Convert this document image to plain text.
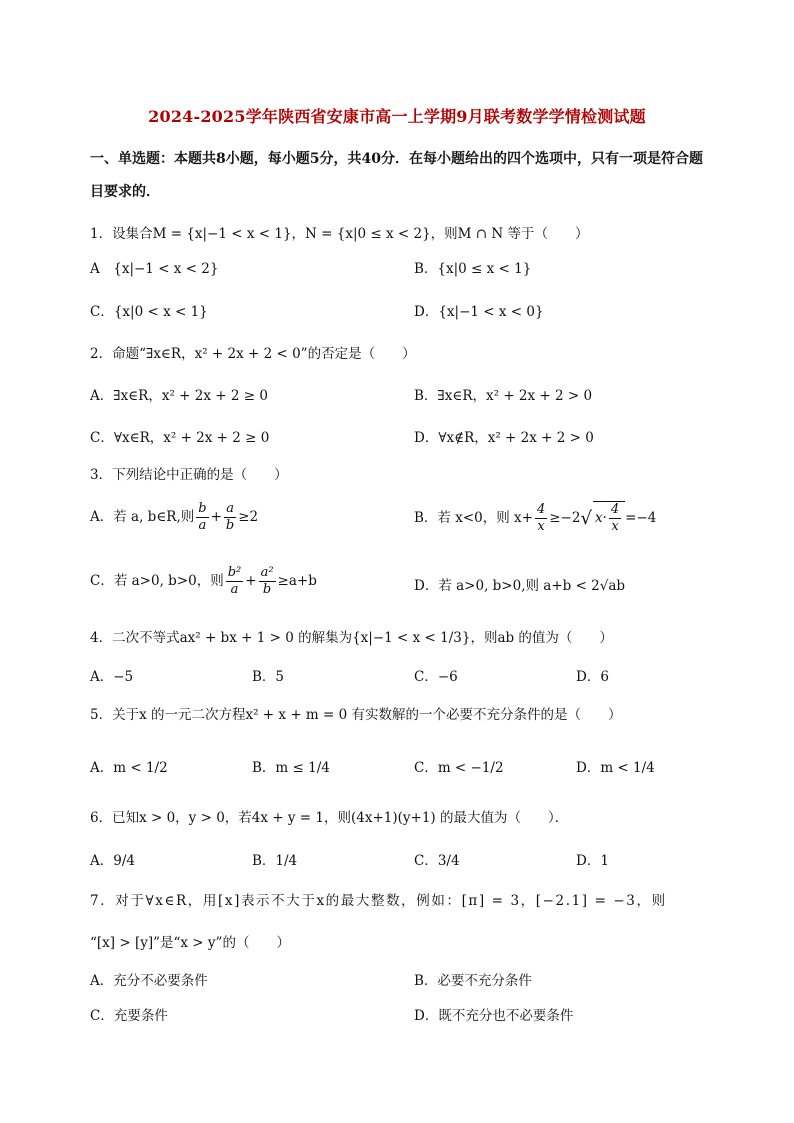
2024-2025学年陕西省安康市高一上学期9月联考数学学情检测试题
一、单选题：本题共8小题，每小题5分，共40分．在每小题给出的四个选项中，只有一项是符合题目要求的．
1．设集合M = {x|−1 < x < 1}，N = {x|0 ≤ x < 2}，则M ∩ N 等于（　　）
A　{x|−1 < x < 2}	B．{x|0 ≤ x < 1}
C．{x|0 < x < 1}	D．{x|−1 < x < 0}
2．命题“∃x∈R，x² + 2x + 2 < 0”的否定是（　　）
A．∃x∈R，x² + 2x + 2 ≥ 0	B．∃x∈R，x² + 2x + 2 > 0
C．∀x∈R，x² + 2x + 2 ≥ 0	D．∀x∉R，x² + 2x + 2 > 0
3．下列结论中正确的是（　　）
A．若 a, b∈R,则 $\frac{b}{a} + \frac{a}{b} \ge 2$	B．若 x<0，则 $x+ \frac{4}{x} \ge-2√$ $x\cdot \frac{4}{x} =-4$
C．若 a>0, b>0，则 $\frac{\text{b²}}{a} + \frac{\text{a²}}{b} \ge a+b$	D．若 a>0, b>0,则 a+b < 2√ab
4．二次不等式ax² + bx + 1 > 0 的解集为{x|−1 < x < 1/3}，则ab 的值为（　　）
A．−5	B．5	C．−6	D．6
5．关于x 的一元二次方程x² + x + m = 0 有实数解的一个必要不充分条件的是（　　）
A．m < 1/2	B．m ≤ 1/4	C．m < −1/2	D．m < 1/4
6．已知x > 0，y > 0，若4x + y = 1，则(4x+1)(y+1) 的最大值为（　　）．
A．9/4	B．1/4	C．3/4	D．1
7．对于∀x∈R，用[x]表示不大于x的最大整数，例如：[π] = 3，[−2.1] = −3，则
“[x] > [y]”是“x > y”的（　　）
A．充分不必要条件	B．必要不充分条件
C．充要条件	D．既不充分也不必要条件
